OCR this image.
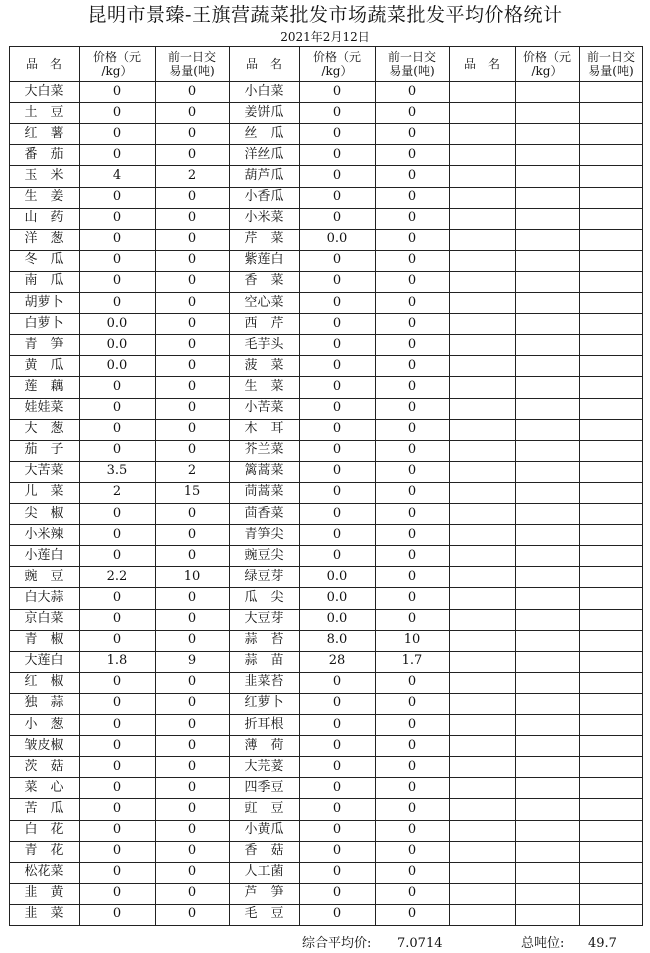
昆明市景臻-王旗营蔬菜批发市场蔬菜批发平均价格统计
2021年2月12日
品　名	价格（元
/kg）
前一日交
易量(吨)	品　名	价格（元
/kg）
前一日交
易量(吨)	品　名	价格（元
/kg）
前一日交
易量(吨)
大白菜	0	0	小白菜	0	0
土　豆	0	0	姜饼瓜	0	0
红　薯	0	0	丝　瓜	0	0
番　茄	0	0	洋丝瓜	0	0
玉　米	4	2	葫芦瓜	0	0
生　姜	0	0	小香瓜	0	0
山　药	0	0	小米菜	0	0
洋　葱	0	0	芹　菜	0.0	0
冬　瓜	0	0	紫莲白	0	0
南　瓜	0	0	香　菜	0	0
胡萝卜	0	0	空心菜	0	0
白萝卜	0.0	0	西　芹	0	0
青　笋	0.0	0	毛芋头	0	0
黄　瓜	0.0	0	菠　菜	0	0
莲　藕	0	0	生　菜	0	0
娃娃菜	0	0	小苦菜	0	0
大　葱	0	0	木　耳	0	0
茄　子	0	0	芥兰菜	0	0
大苦菜	3.5	2	篱蒿菜	0	0
儿　菜	2	15	茼蒿菜	0	0
尖　椒	0	0	茴香菜	0	0
小米辣	0	0	青笋尖	0	0
小莲白	0	0	豌豆尖	0	0
豌　豆	2.2	10	绿豆芽	0.0	0
白大蒜	0	0	瓜　尖	0.0	0
京白菜	0	0	大豆芽	0.0	0
青　椒	0	0	蒜　苔	8.0	10
大莲白	1.8	9	蒜　苗	28	1.7
红　椒	0	0	韭菜苔	0	0
独　蒜	0	0	红萝卜	0	0
小　葱	0	0	折耳根	0	0
皱皮椒	0	0	薄　荷	0	0
茨　菇	0	0	大芫荽	0	0
菜　心	0	0	四季豆	0	0
苦　瓜	0	0	豇　豆	0	0
白　花	0	0	小黄瓜	0	0
青　花	0	0	香　菇	0	0
松花菜	0	0	人工菌	0	0
韭　黄	0	0	芦　笋	0	0
韭　菜	0	0	毛　豆	0	0
综合平均价: 7.0714	总吨位: 49.7
